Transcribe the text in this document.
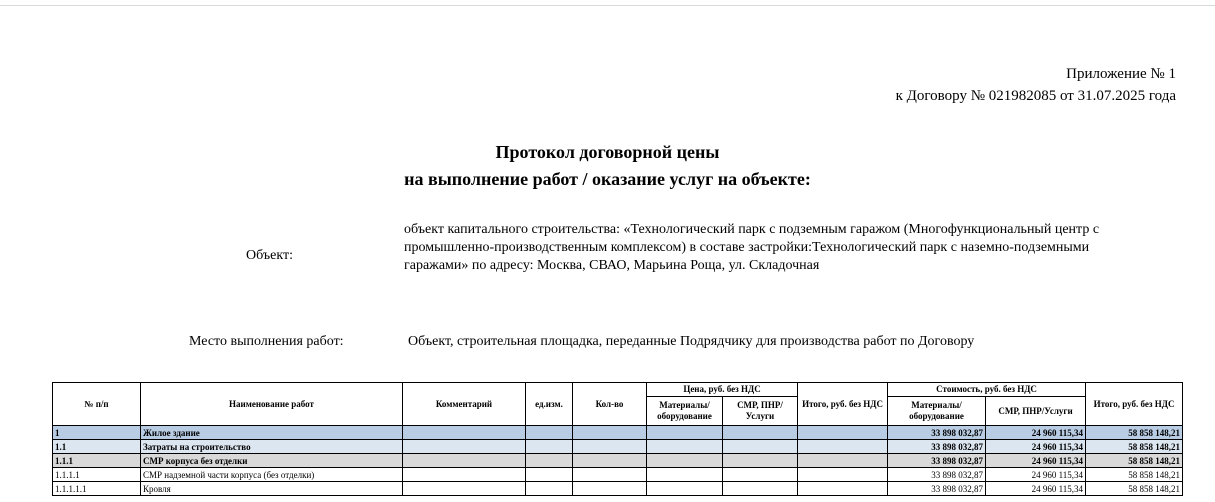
Приложение № 1
к Договору № 021982085 от 31.07.2025 года
Протокол договорной цены
на выполнение работ / оказание услуг на объекте:
Объект:
объект капитального строительства: «Технологический парк с подземным гаражом (Многофункциональный центр с промышленно-производственным комплексом) в составе застройки:Технологический парк с наземно-подземными гаражами» по адресу: Москва, СВАО, Марьина Роща, ул. Складочная
Место выполнения работ:	Объект, строительная площадка, переданные Подрядчику для производства работ по Договору
№ п/п	Наименование работ	Комментарий	ед.изм.	Кол-во	Цена, руб. без НДС		Итого, руб. без НДС	Стоимость, руб. без НДС		Итого, руб. без НДС
					Материалы/ оборудование	СМР, ПНР/Услуги		Материалы/ оборудование	СМР, ПНР/Услуги	
1	Жилое здание							33 898 032,87	24 960 115,34	58 858 148,21
1.1	Затраты на строительство							33 898 032,87	24 960 115,34	58 858 148,21
1.1.1	СМР корпуса без отделки							33 898 032,87	24 960 115,34	58 858 148,21
1.1.1.1	СМР надземной части корпуса (без отделки)							33 898 032,87	24 960 115,34	58 858 148,21
1.1.1.1.1	Кровля							33 898 032,87	24 960 115,34	58 858 148,21
